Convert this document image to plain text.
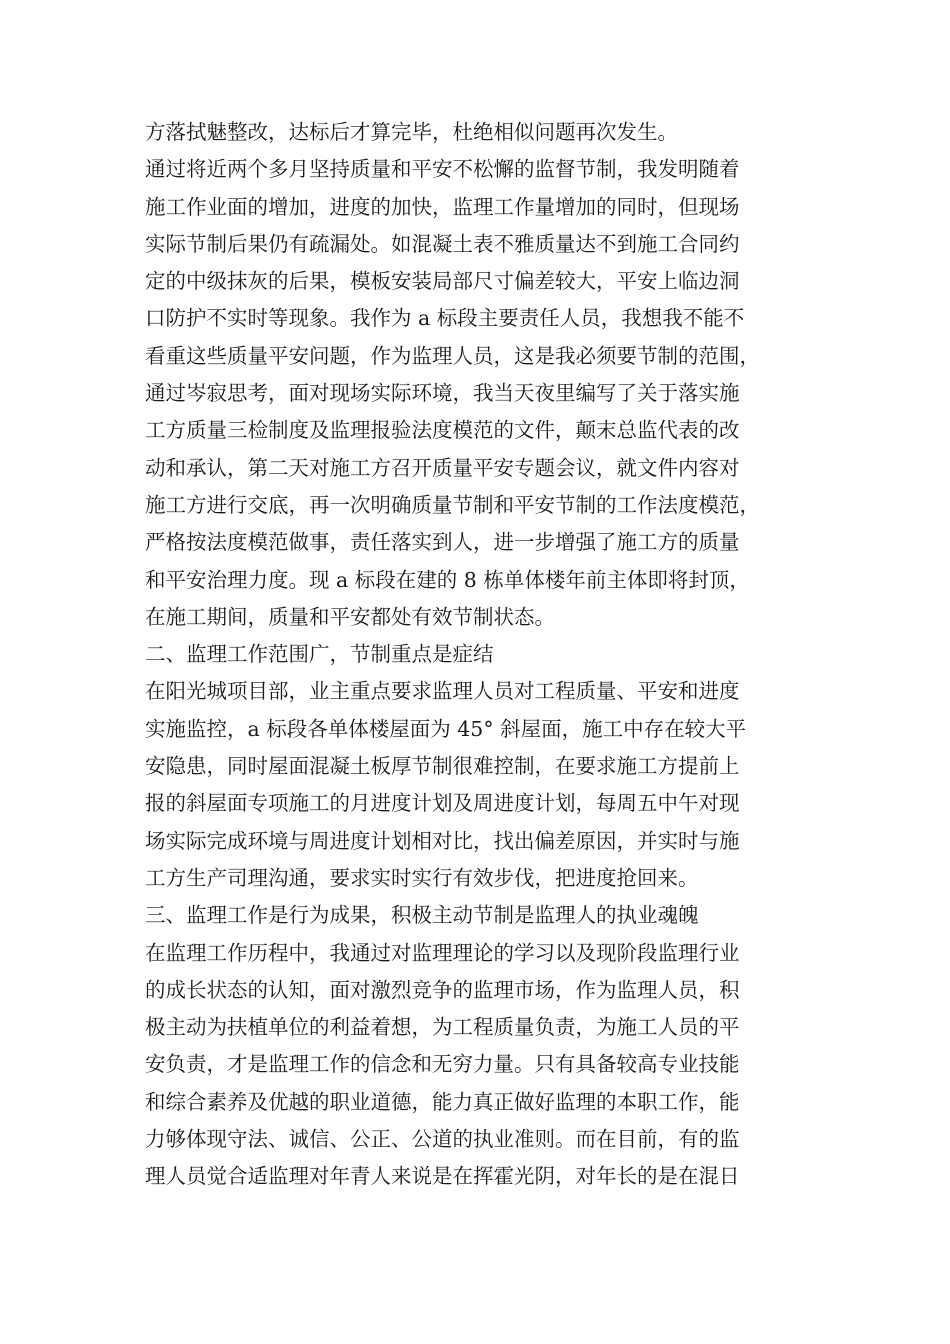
方落拭魅整改，达标后才算完毕，杜绝相似问题再次发生。
通过将近两个多月坚持质量和平安不松懈的监督节制，我发明随着
施工作业面的增加，进度的加快，监理工作量增加的同时，但现场
实际节制后果仍有疏漏处。如混凝土表不雅质量达不到施工合同约
定的中级抹灰的后果，模板安装局部尺寸偏差较大，平安上临边洞
口防护不实时等现象。我作为 a 标段主要责任人员，我想我不能不
看重这些质量平安问题，作为监理人员，这是我必须要节制的范围，
通过岑寂思考，面对现场实际环境，我当天夜里编写了关于落实施
工方质量三检制度及监理报验法度模范的文件，颠末总监代表的改
动和承认，第二天对施工方召开质量平安专题会议，就文件内容对
施工方进行交底，再一次明确质量节制和平安节制的工作法度模范，
严格按法度模范做事，责任落实到人，进一步增强了施工方的质量
和平安治理力度。现 a 标段在建的 8 栋单体楼年前主体即将封顶，
在施工期间，质量和平安都处有效节制状态。
二、监理工作范围广，节制重点是症结
在阳光城项目部，业主重点要求监理人员对工程质量、平安和进度
实施监控，a 标段各单体楼屋面为 45° 斜屋面，施工中存在较大平
安隐患，同时屋面混凝土板厚节制很难控制，在要求施工方提前上
报的斜屋面专项施工的月进度计划及周进度计划，每周五中午对现
场实际完成环境与周进度计划相对比，找出偏差原因，并实时与施
工方生产司理沟通，要求实时实行有效步伐，把进度抢回来。
三、监理工作是行为成果，积极主动节制是监理人的执业魂魄
在监理工作历程中，我通过对监理理论的学习以及现阶段监理行业
的成长状态的认知，面对激烈竞争的监理市场，作为监理人员，积
极主动为扶植单位的利益着想，为工程质量负责，为施工人员的平
安负责，才是监理工作的信念和无穷力量。只有具备较高专业技能
和综合素养及优越的职业道德，能力真正做好监理的本职工作，能
力够体现守法、诚信、公正、公道的执业准则。而在目前，有的监
理人员觉合适监理对年青人来说是在挥霍光阴，对年长的是在混日
